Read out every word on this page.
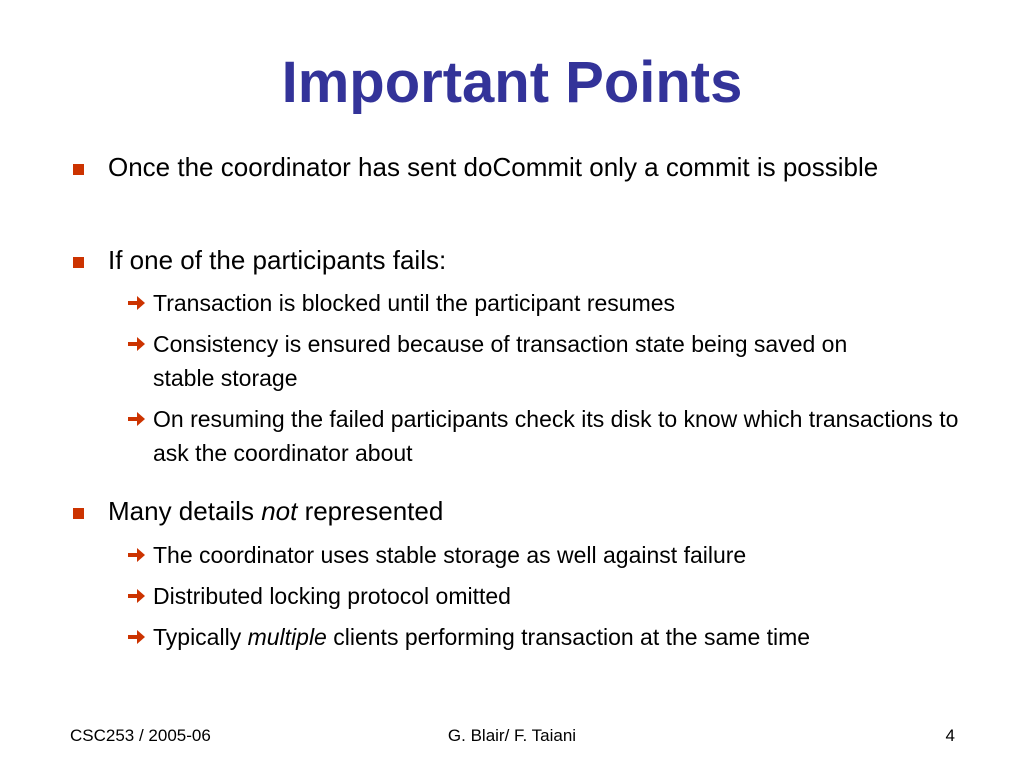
Important Points
Once the coordinator has sent doCommit only a commit is possible
If one of the participants fails:
Transaction is blocked until the participant resumes
Consistency is ensured because of transaction state being saved on stable storage
On resuming the failed participants check its disk to know which transactions to ask the coordinator about
Many details not represented
The coordinator uses stable storage as well against failure
Distributed locking protocol omitted
Typically multiple clients performing transaction at the same time
CSC253 / 2005-06	G. Blair/ F. Taiani	4
